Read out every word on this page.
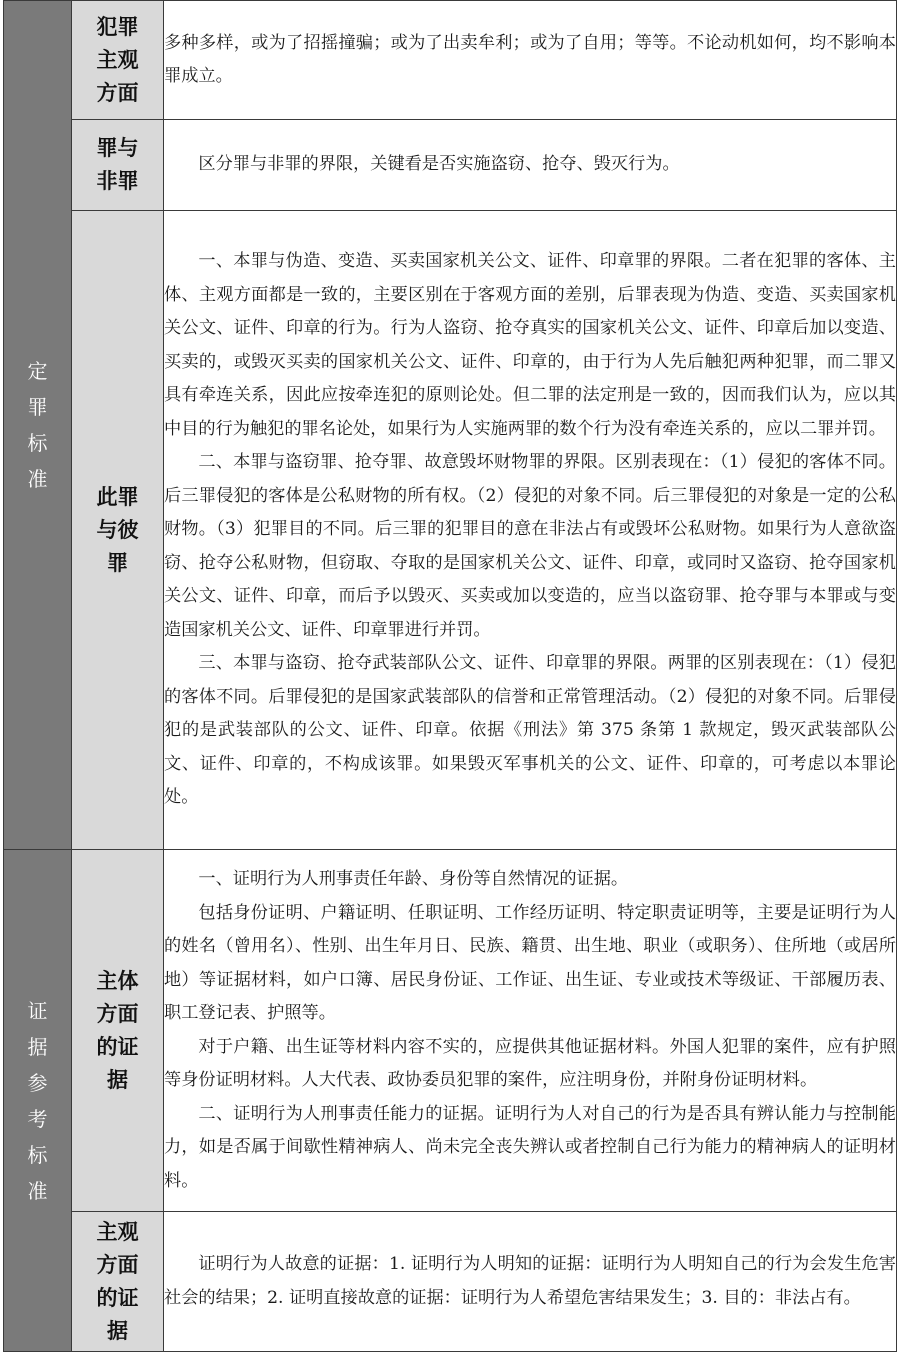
定罪标准	犯罪主观方面	多种多样，或为了招摇撞骗；或为了出卖牟利；或为了自用；等等。不论动机如何，均不影响本罪成立。

	罪与非罪	区分罪与非罪的界限，关键看是否实施盗窃、抢夺、毁灭行为。

	此罪与彼罪	一、本罪与伪造、变造、买卖国家机关公文、证件、印章罪的界限。二者在犯罪的客体、主体、主观方面都是一致的，主要区别在于客观方面的差别，后罪表现为伪造、变造、买卖国家机关公文、证件、印章的行为。行为人盗窃、抢夺真实的国家机关公文、证件、印章后加以变造、买卖的，或毁灭买卖的国家机关公文、证件、印章的，由于行为人先后触犯两种犯罪，而二罪又具有牵连关系，因此应按牵连犯的原则论处。但二罪的法定刑是一致的，因而我们认为，应以其中目的行为触犯的罪名论处，如果行为人实施两罪的数个行为没有牵连关系的，应以二罪并罚。

二、本罪与盗窃罪、抢夺罪、故意毁坏财物罪的界限。区别表现在：（1）侵犯的客体不同。后三罪侵犯的客体是公私财物的所有权。（2）侵犯的对象不同。后三罪侵犯的对象是一定的公私财物。（3）犯罪目的不同。后三罪的犯罪目的意在非法占有或毁坏公私财物。如果行为人意欲盗窃、抢夺公私财物，但窃取、夺取的是国家机关公文、证件、印章，或同时又盗窃、抢夺国家机关公文、证件、印章，而后予以毁灭、买卖或加以变造的，应当以盗窃罪、抢夺罪与本罪或与变造国家机关公文、证件、印章罪进行并罚。

三、本罪与盗窃、抢夺武装部队公文、证件、印章罪的界限。两罪的区别表现在：（1）侵犯的客体不同。后罪侵犯的是国家武装部队的信誉和正常管理活动。（2）侵犯的对象不同。后罪侵犯的是武装部队的公文、证件、印章。依据《刑法》第 375 条第 1 款规定，毁灭武装部队公文、证件、印章的，不构成该罪。如果毁灭军事机关的公文、证件、印章的，可考虑以本罪论处。

证据参考标准	主体方面的证据	一、证明行为人刑事责任年龄、身份等自然情况的证据。

包括身份证明、户籍证明、任职证明、工作经历证明、特定职责证明等，主要是证明行为人的姓名（曾用名）、性别、出生年月日、民族、籍贯、出生地、职业（或职务）、住所地（或居所地）等证据材料，如户口簿、居民身份证、工作证、出生证、专业或技术等级证、干部履历表、职工登记表、护照等。

对于户籍、出生证等材料内容不实的，应提供其他证据材料。外国人犯罪的案件，应有护照等身份证明材料。人大代表、政协委员犯罪的案件，应注明身份，并附身份证明材料。

二、证明行为人刑事责任能力的证据。证明行为人对自己的行为是否具有辨认能力与控制能力，如是否属于间歇性精神病人、尚未完全丧失辨认或者控制自己行为能力的精神病人的证明材料。

	主观方面的证据	证明行为人故意的证据：1. 证明行为人明知的证据：证明行为人明知自己的行为会发生危害社会的结果；2. 证明直接故意的证据：证明行为人希望危害结果发生；3. 目的：非法占有。
